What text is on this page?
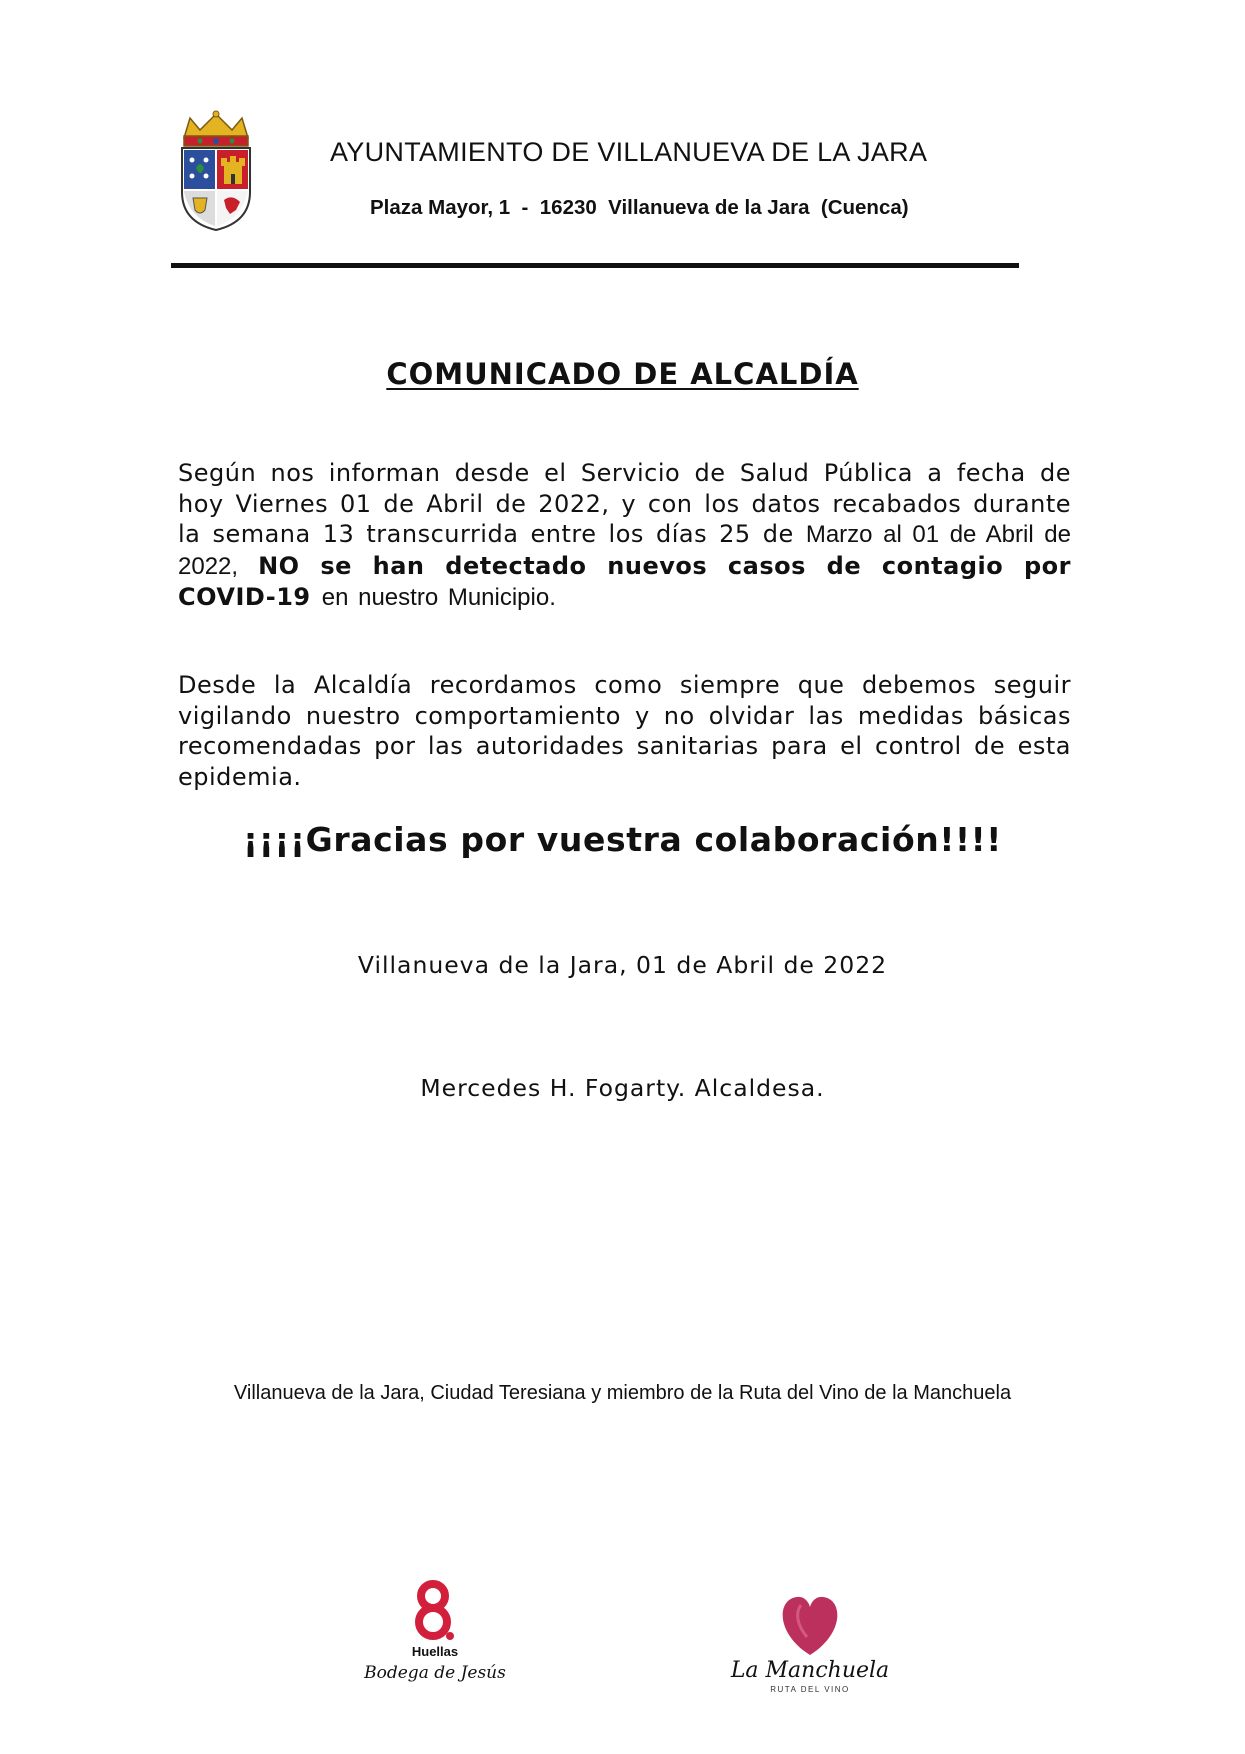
AYUNTAMIENTO DE VILLANUEVA DE LA JARA
Plaza Mayor, 1  -  16230  Villanueva de la Jara  (Cuenca)
COMUNICADO DE ALCALDÍA
Según nos informan desde el Servicio de Salud Pública a fecha de hoy Viernes 01 de Abril de 2022, y con los datos recabados durante la semana 13 transcurrida entre los días 25 de Marzo al 01 de Abril de 2022, NO se han detectado nuevos casos de contagio por COVID-19 en nuestro Municipio.
Desde la Alcaldía recordamos como siempre que debemos seguir vigilando nuestro comportamiento y no olvidar las medidas básicas recomendadas por las autoridades sanitarias para el control de esta epidemia.
¡¡¡¡Gracias por vuestra colaboración!!!!
Villanueva de la Jara, 01 de Abril de 2022
Mercedes H. Fogarty. Alcaldesa.
Villanueva de la Jara, Ciudad Teresiana y miembro de la Ruta del Vino de la Manchuela
Huellas
Bodega de Jesús	La Manchuela
RUTA DEL VINO
